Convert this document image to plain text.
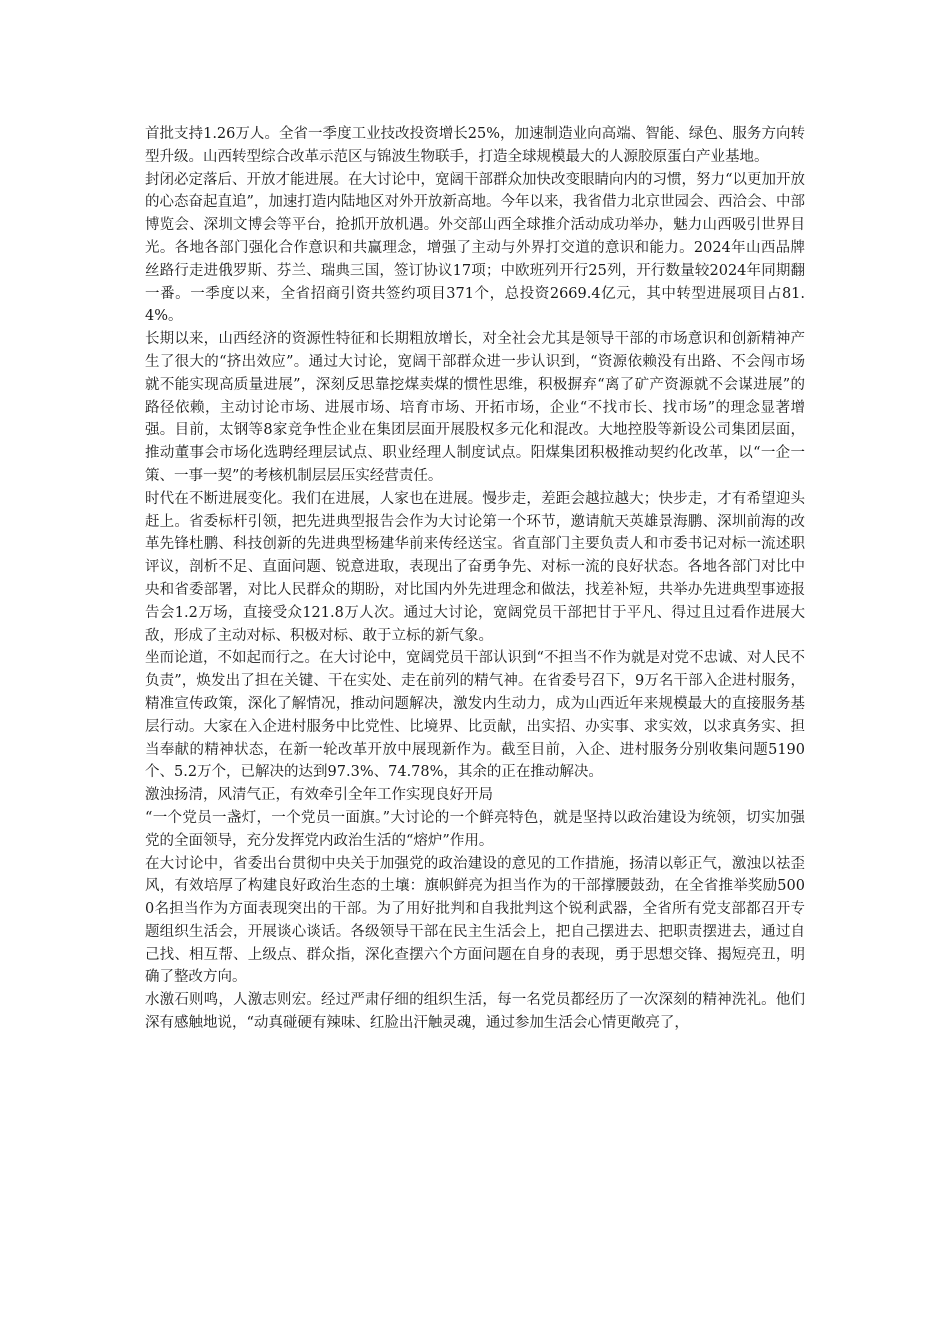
首批支持1.26万人。全省一季度工业技改投资增长25%，加速制造业向高端、智能、绿色、服务方向转型升级。山西转型综合改革示范区与锦波生物联手，打造全球规模最大的人源胶原蛋白产业基地。

封闭必定落后、开放才能进展。在大讨论中，宽阔干部群众加快改变眼睛向内的习惯，努力“以更加开放的心态奋起直追”，加速打造内陆地区对外开放新高地。今年以来，我省借力北京世园会、西洽会、中部博览会、深圳文博会等平台，抢抓开放机遇。外交部山西全球推介活动成功举办，魅力山西吸引世界目光。各地各部门强化合作意识和共赢理念，增强了主动与外界打交道的意识和能力。2024年山西品牌丝路行走进俄罗斯、芬兰、瑞典三国，签订协议17项；中欧班列开行25列，开行数量较2024年同期翻一番。一季度以来，全省招商引资共签约项目371个，总投资2669.4亿元，其中转型进展项目占81.4%。

长期以来，山西经济的资源性特征和长期粗放增长，对全社会尤其是领导干部的市场意识和创新精神产生了很大的“挤出效应”。通过大讨论，宽阔干部群众进一步认识到，“资源依赖没有出路、不会闯市场就不能实现高质量进展”，深刻反思靠挖煤卖煤的惯性思维，积极摒弃“离了矿产资源就不会谋进展”的路径依赖，主动讨论市场、进展市场、培育市场、开拓市场，企业“不找市长、找市场”的理念显著增强。目前，太钢等8家竞争性企业在集团层面开展股权多元化和混改。大地控股等新设公司集团层面，推动董事会市场化选聘经理层试点、职业经理人制度试点。阳煤集团积极推动契约化改革，以“一企一策、一事一契”的考核机制层层压实经营责任。

时代在不断进展变化。我们在进展，人家也在进展。慢步走，差距会越拉越大；快步走，才有希望迎头赶上。省委标杆引领，把先进典型报告会作为大讨论第一个环节，邀请航天英雄景海鹏、深圳前海的改革先锋杜鹏、科技创新的先进典型杨建华前来传经送宝。省直部门主要负责人和市委书记对标一流述职评议，剖析不足、直面问题、锐意进取，表现出了奋勇争先、对标一流的良好状态。各地各部门对比中央和省委部署，对比人民群众的期盼，对比国内外先进理念和做法，找差补短，共举办先进典型事迹报告会1.2万场，直接受众121.8万人次。通过大讨论，宽阔党员干部把甘于平凡、得过且过看作进展大敌，形成了主动对标、积极对标、敢于立标的新气象。

坐而论道，不如起而行之。在大讨论中，宽阔党员干部认识到“不担当不作为就是对党不忠诚、对人民不负责”，焕发出了担在关键、干在实处、走在前列的精气神。在省委号召下，9万名干部入企进村服务，精准宣传政策，深化了解情况，推动问题解决，激发内生动力，成为山西近年来规模最大的直接服务基层行动。大家在入企进村服务中比党性、比境界、比贡献，出实招、办实事、求实效，以求真务实、担当奉献的精神状态，在新一轮改革开放中展现新作为。截至目前，入企、进村服务分别收集问题5190个、5.2万个，已解决的达到97.3%、74.78%，其余的正在推动解决。

激浊扬清，风清气正，有效牵引全年工作实现良好开局

“一个党员一盏灯，一个党员一面旗。”大讨论的一个鲜亮特色，就是坚持以政治建设为统领，切实加强党的全面领导，充分发挥党内政治生活的“熔炉”作用。

在大讨论中，省委出台贯彻中央关于加强党的政治建设的意见的工作措施，扬清以彰正气，激浊以祛歪风，有效培厚了构建良好政治生态的土壤：旗帜鲜亮为担当作为的干部撑腰鼓劲，在全省推举奖励5000名担当作为方面表现突出的干部。为了用好批判和自我批判这个锐利武器，全省所有党支部都召开专题组织生活会，开展谈心谈话。各级领导干部在民主生活会上，把自己摆进去、把职责摆进去，通过自己找、相互帮、上级点、群众指，深化查摆六个方面问题在自身的表现，勇于思想交锋、揭短亮丑，明确了整改方向。

水激石则鸣，人激志则宏。经过严肃仔细的组织生活，每一名党员都经历了一次深刻的精神洗礼。他们深有感触地说，“动真碰硬有辣味、红脸出汗触灵魂，通过参加生活会心情更敞亮了，
